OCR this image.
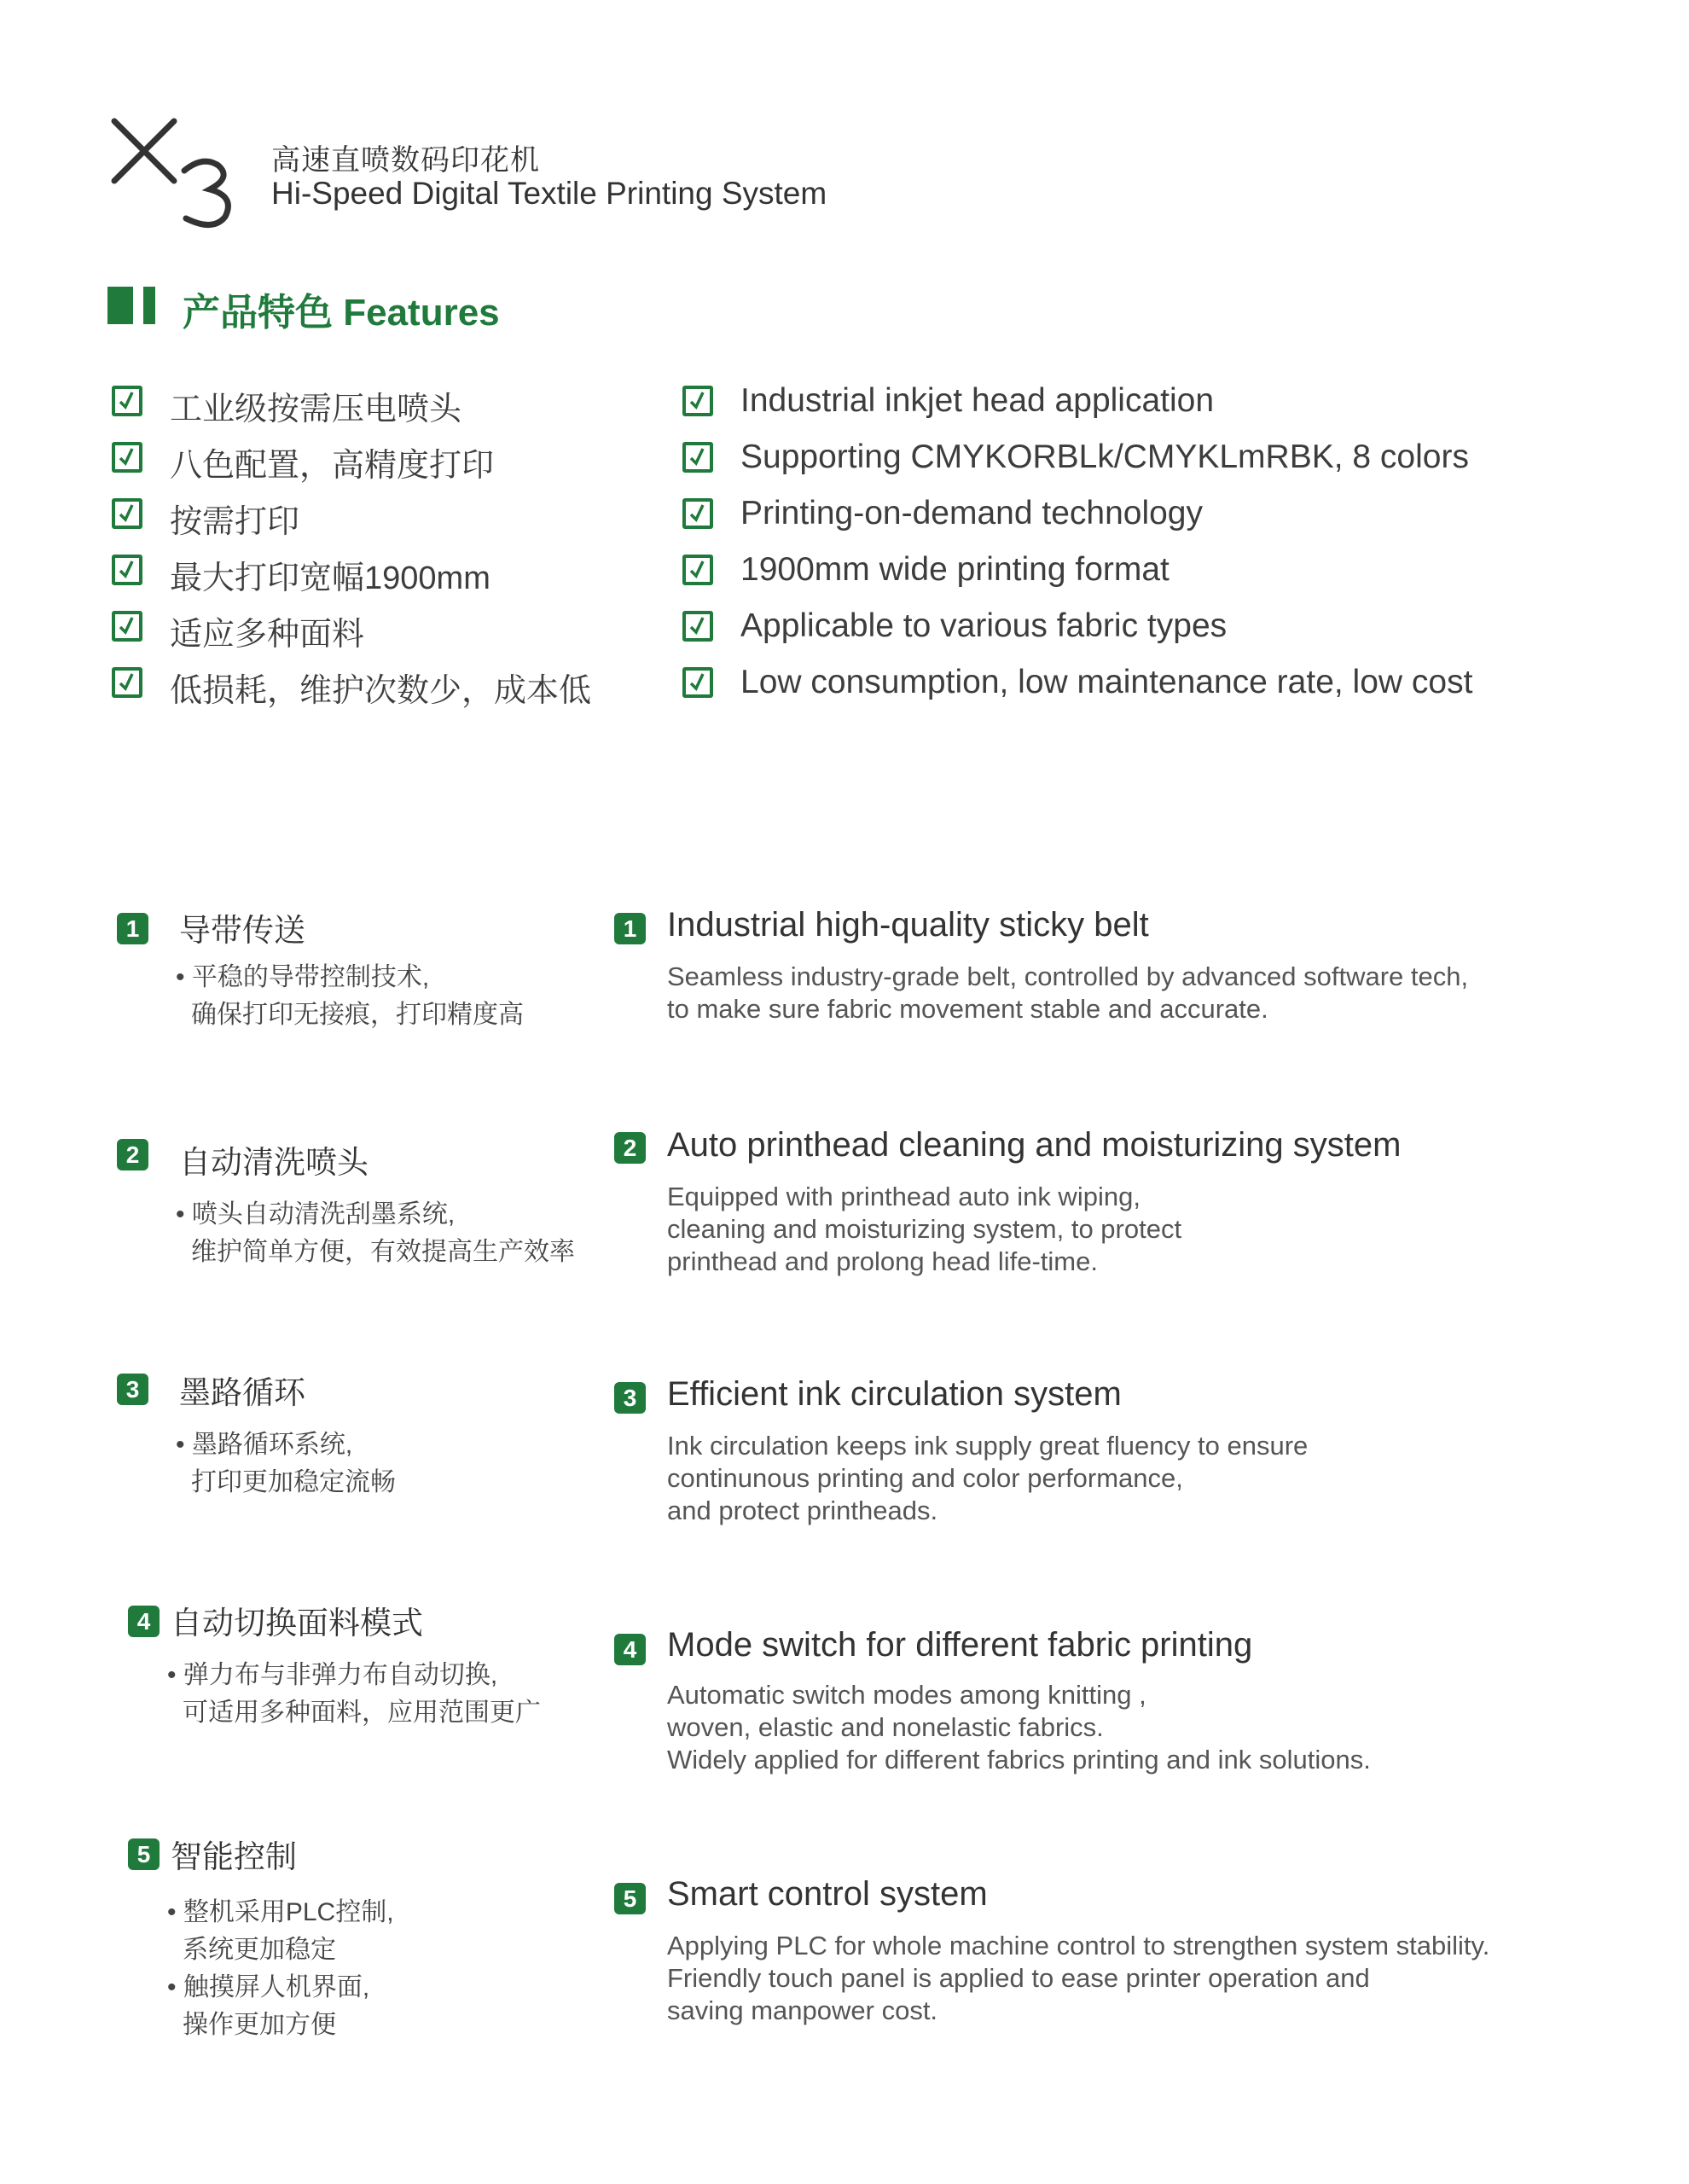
高速直喷数码印花机
Hi-Speed Digital Textile Printing System
产品特色 Features
工业级按需压电喷头
八色配置，高精度打印
按需打印
最大打印宽幅1900mm
适应多种面料
低损耗，维护次数少，成本低
Industrial inkjet head application
Supporting CMYKORBLk/CMYKLmRBK, 8 colors
Printing-on-demand technology
1900mm wide printing format
Applicable to various fabric types
Low consumption, low maintenance rate, low cost
1 导带传送
• 平稳的导带控制技术,
确保打印无接痕，打印精度高
1 Industrial high-quality sticky belt
Seamless industry-grade belt, controlled by advanced software tech,
to make sure fabric movement stable and accurate.
2 自动清洗喷头
• 喷头自动清洗刮墨系统,
维护简单方便，有效提高生产效率
2 Auto printhead cleaning and moisturizing system
Equipped with printhead auto ink wiping,
cleaning and moisturizing system, to protect
printhead and prolong head life-time.
3 墨路循环
• 墨路循环系统,
打印更加稳定流畅
3 Efficient ink circulation system
Ink circulation keeps ink supply great fluency to ensure
continunous printing and color performance,
and protect printheads.
4 自动切换面料模式
• 弹力布与非弹力布自动切换,
可适用多种面料，应用范围更广
4 Mode switch for different fabric printing
Automatic switch modes among knitting ,
woven, elastic and nonelastic fabrics.
Widely applied for different fabrics printing and ink solutions.
5 智能控制
• 整机采用PLC控制,
系统更加稳定
• 触摸屏人机界面,
操作更加方便
5 Smart control system
Applying PLC for whole machine control to strengthen system stability.
Friendly touch panel is applied to ease printer operation and
saving manpower cost.
